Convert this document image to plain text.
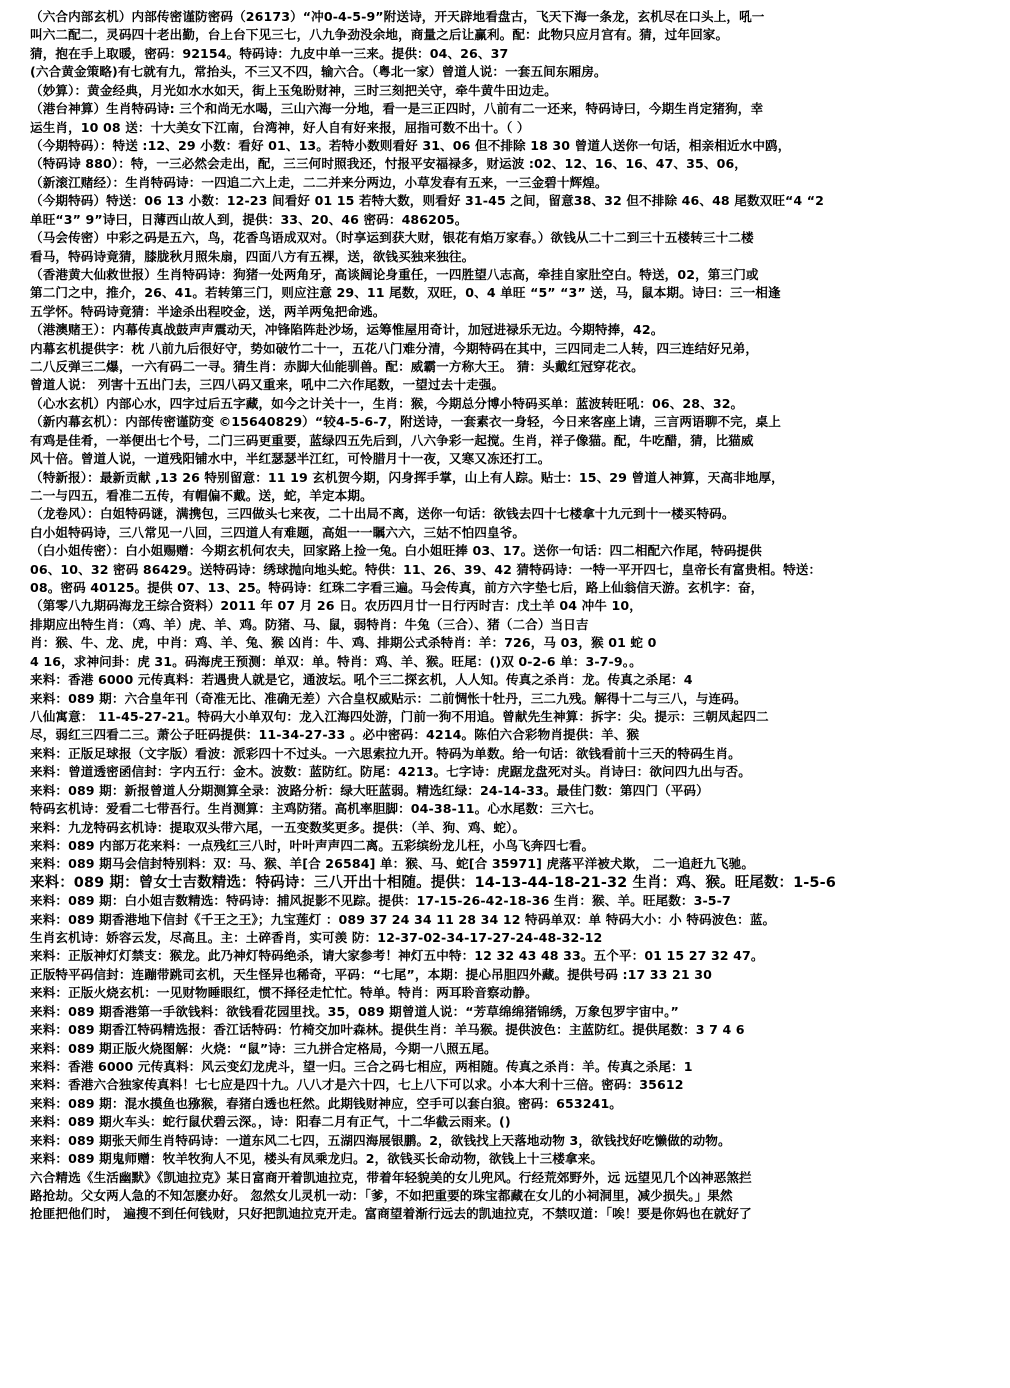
（六合内部玄机）内部传密谨防密码（26173）“冲0-4-5-9”附送诗，开天辟地看盘古，飞天下海一条龙，玄机尽在口头上，吼一
叫六二配二，灵码四十老出勤，台上台下见三七，八九争劲没余地，商量之后让赢利。配：此物只应月宫有。猜，过年回家。
猜，抱在手上取暖，密码：92154。特码诗：九皮中单一三来。提供：04、26、37
(六合黄金策略)有七就有九，常抬头，不三又不四，输六合。（粤北一家）曾道人说：一套五间东厢房。
（妙算）：黄金经典，月光如水水如天，街上玉兔盼财神，三时三刻把关守，牵牛黄牛田边走。
（港台神算）生肖特码诗: 三个和尚无水喝，三山六海一分地，看一是三正四时，八前有二一还来，特码诗曰，今期生肖定猪狗，幸
运生肖，10 08 送：十大美女下江南，台湾神，好人自有好来报，屈指可数不出十。（ ）
（今期特码）：特送 :12、29 小数：看好 01、13。若特小数则看好 31、06 但不排除 18 30 曾道人送你一句话，相亲相近水中鸥，
（特码诗 880）：特，一三必然会走出，配，三三何时照我还，忖报平安福禄多，财运波 :02、12、16、16、47、35、06，
（新滚江赌经）：生肖特码诗：一四追二六上走，二二并来分两边，小草发春有五来，一三金碧十辉煌。
（今期特码）特送：06 13 小数：12-23 间看好 01 15 若特大数，则看好 31-45 之间，留意38、32 但不排除 46、48 尾数双旺“4 “2
单旺“3” 9”诗曰，日薄西山故人到，提供：33、20、46 密码：486205。
（马会传密）中彩之码是五六，鸟，花香鸟语成双对。（时享运到获大财，银花有焰万家春。）欲钱从二十二到三十五楼转三十二楼
看马，特码诗竟猜，膝胧秋月照朱扇，四面八方有五裸，送，欲钱买独来独往。
（香港黄大仙救世报）生肖特码诗：狗猪一处两角牙，高谈阔论身重任，一四胜望八志高，牵挂自家肚空白。特送，02，第三门或
第二门之中，推介，26、41。若转第三门，则应注意 29、11 尾数，双旺，0、4 单旺 “5” “3” 送，马，鼠本期。诗曰：三一相逢
五学怀。特码诗竟猜：半途杀出程咬金，送，两羊两兔把命逃。
（港澳赌王）：内幕传真战鼓声声震动天，冲锋陷阵赴沙场，运筹惟屋用奇计，加冠进禄乐无边。今期特捧，42。
内幕玄机提供字：枕 八前九后很好守，势如破竹二十一，五花八门难分清，今期特码在其中，三四同走二人转，四三连结好兄弟，
二八反弹三二爆，一六有码二一寻。猜生肖：赤脚大仙能驯兽。配：威霸一方称大王。 猜：头戴红冠穿花衣。
曾道人说： 列害十五出门去，三四八码又重来，吼中二六作尾数，一望过去十走强。
（心水玄机）内部心水，四字过后五字藏，如今之计关十一，生肖：猴，今期总分博小特码买单：蓝波转旺吼：06、28、32。
（新内幕玄机）：内部传密谨防变 ©15640829）“较4-5-6-7，附送诗，一套素衣一身轻，今日来客座上请，三言两语聊不完，桌上
有鸡是佳肴，一举便出七个号，二门三码更重要，蓝绿四五先后到，八六争彩一起搅。生肖，祥子像猫。配，牛吃醋，猜，比猫威
风十倍。曾道人说，一道残阳铺水中，半红瑟瑟半江红，可怜腊月十一夜，又寒又冻还打工。
（特新报）：最新贡献 ,13 26 特别留意：11 19 玄机贺今期，闪身挥手掌，山上有人踪。贴士：15、29 曾道人神算，天高非地厚，
二一与四五，看准二五传，有帽偏不戴。送，蛇，羊定本期。
（龙卷风）：白姐特码谜，满携包，三四做头七来夜，二十出局不离，送你一句话：欲钱去四十七楼拿十九元到十一楼买特码。
白小姐特码诗，三八常见一八回，三四道人有难题，高姐一一瞩六六，三姑不怕四皇爷。
（白小姐传密）：白小姐赐赠：今期玄机何农夫，回家路上捡一兔。白小姐旺捧 03、17。送你一句话：四二相配六作尾，特码提供
06、10、32 密码 86429。送特码诗：绣球抛向地头蛇。特供：11、26、39、42 猜特码诗：一特一平开四七，皇帝长有富贵相。特送：
08。密码 40125。提供 07、13、25。特码诗：红珠二字看三遍。马会传真，前方六字垫七后，路上仙翁信天游。玄机字：奋，
（第零八九期码海龙王综合资料）2011 年 07 月 26 日。农历四月廿一日行丙时吉：戊土羊 04 冲牛 10，
排期应出特生肖：（鸡、羊）虎、羊、鸡。防猪、马、鼠，弱特肖：牛兔（三合）、猪（二合）当日吉
肖：猴、牛、龙、虎，中肖：鸡、羊、兔、猴 凶肖：牛、鸡、排期公式杀特肖：羊：726，马 03，猴 01 蛇 0
4 16，求神问卦：虎 31。码海虎王预测：单双：单。特肖：鸡、羊、猴。旺尾：()双 0-2-6 单：3-7-9。。
来料：香港 6000 元传真料：若遇贵人就是它，通波坛。吼个三二探玄机，人人知。传真之杀肖：龙。传真之杀尾：4
来料：089 期：六合皇年刊（奇准无比、准确无差）六合皇权威贴示：二前惆怅十牡丹，三二九残。解得十二与三八，与连码。
八仙寓意： 11-45-27-21。特码大小单双句：龙入江海四处游，门前一狗不用追。曾献先生神算：拆字：尖。提示：三朝凤起四二
尽，弱红三四看二三。萧公子旺码提供：11-34-27-33 。必中密码：4214。陈伯六合彩物肖提供：羊、猴
来料：正版足球报（文字版）看波：派彩四十不过头。一六思索拉九开。特码为单数。给一句话：欲钱看前十三天的特码生肖。
来料：曾道透密函信封：字内五行：金木。波数：蓝防红。防尾：4213。七字诗：虎踞龙盘死对头。肖诗曰：欲问四九出与否。
来料：089 期：新报曾道人分期测算全录：波路分析：绿大旺蓝弱。精选红绿：24-14-33。最佳门数：第四门（平码）
特码玄机诗：爱看二七带吾行。生肖测算：主鸡防猪。高机率胆脚：04-38-11。心水尾数：三六七。
来料：九龙特码玄机诗：提取双头带六尾，一五变数奖更多。提供：（羊、狗、鸡、蛇）。
来料：089 内部万花来料：一点残红三八时，叶叶声声四二离。五彩缤纷龙儿枉，小鸟飞奔四七看。
来料：089 期马会信封特别料：双：马、猴、羊[合 26584] 单：猴、马、蛇[合 35971] 虎落平洋被犬欺， 二一追赶九飞驰。
来料：089 期：曾女士吉数精选：特码诗：三八开出十相随。提供：14-13-44-18-21-32 生肖：鸡、猴。旺尾数：1-5-6
来料：089 期：白小姐吉数精选：特码诗：捕风捉影不见踪。提供：17-15-26-42-18-36 生肖：猴、羊。旺尾数：3-5-7
来料：089 期香港地下信封《千王之王》；九宝莲灯 ：089 37 24 34 11 28 34 12 特码单双：单 特码大小：小 特码波色：蓝。
生肖玄机诗：娇容云发，尽高且。主：土碎香肖，实可羡 防：12-37-02-34-17-27-24-48-32-12
来料：正版神灯灯禁支：猴龙。此乃神灯特码绝杀，请大家参考！神灯五中特：12 32 43 48 33。五个平：01 15 27 32 47。
正版特平码信封：连蹦带跳司玄机，天生怪异也稀奇，平码：“七尾”，本期：提心吊胆四外藏。提供号码 :17 33 21 30
来料：正版火烧玄机：一见财物睡眼红，惯不择径走忙忙。特单。特肖：两耳聆音察动静。
来料：089 期香港第一手欲钱料：欲钱看花园里找。35，089 期曾道人说：“芳草绵绵猪锦绣，万象包罗宇宙中。”
来料：089 期香江特码精选报：香江话特码：竹椅交加叶森林。提供生肖：羊马猴。提供波色：主蓝防红。提供尾数：3 7 4 6
来料：089 期正版火烧图解：火烧：“鼠”诗：三九拼合定格局，今期一八照五尾。
来料：香港 6000 元传真料：风云变幻龙虎斗，望一归。三合之码七相应，两相随。传真之杀肖：羊。传真之杀尾：1
来料：香港六合独家传真料！七七应是四十九。八八才是六十四，七上八下可以求。小本大利十三倍。密码：35612
来料：089 期：混水摸鱼也猕猴，春猪白透也枉然。此期钱财神应，空手可以套白狼。密码：653241。
来料：089 期火车头：蛇行鼠伏碧云深。，诗：阳春二月有正气，十二华截云雨来。()
来料：089 期张天师生肖特码诗：一道东风二七四，五湖四海展银鹏。2，欲钱找上天落地动物 3，欲钱找好吃懒做的动物。
来料：089 期鬼师赠：牧羊牧狗人不见，楼头有凤乘龙归。2，欲钱买长命动物，欲钱上十三楼拿来。
六合精选《生活幽默》《凯迪拉克》某日富商开着凯迪拉克，带着年轻貌美的女儿兜风。行经荒郊野外，远 远望见几个凶神恶煞拦
路抢劫。父女两人急的不知怎麽办好。 忽然女儿灵机一动：「爹，不如把重要的珠宝都藏在女儿的小祠洞里，减少损失。」果然
抢匪把他们时， 遍搜不到任何钱财，只好把凯迪拉克开走。富商望着渐行远去的凯迪拉克，不禁叹道：「唉！要是你妈也在就好了
